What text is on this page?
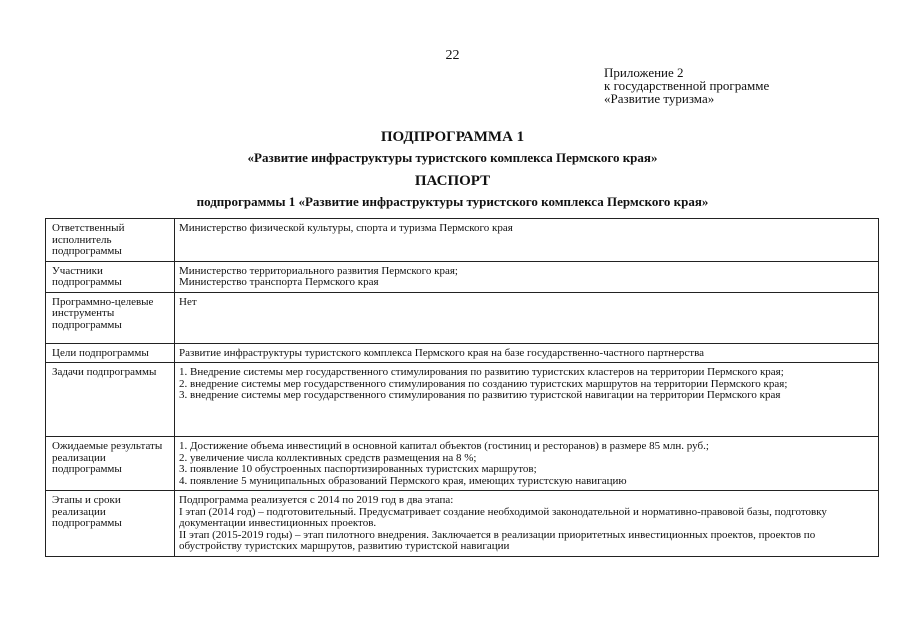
22
Приложение 2
к государственной программе
«Развитие туризма»
ПОДПРОГРАММА 1
«Развитие инфраструктуры туристского комплекса Пермского края»
ПАСПОРТ
подпрограммы 1 «Развитие инфраструктуры туристского комплекса Пермского края»
Ответственный исполнитель подпрограммы	Министерство физической культуры, спорта и туризма Пермского края
Участники подпрограммы	Министерство территориального развития Пермского края;
Министерство транспорта Пермского края

Программно-целевые инструменты подпрограммы	Нет
Цели подпрограммы	Развитие инфраструктуры туристского комплекса Пермского края на базе государственно-частного партнерства
Задачи подпрограммы	1. Внедрение системы мер государственного стимулирования по развитию туристских кластеров на территории Пермского края;
2. внедрение системы мер государственного стимулирования по созданию туристских маршрутов на территории Пермского края;
3. внедрение системы мер государственного стимулирования по развитию туристской навигации на территории Пермского края

Ожидаемые результаты реализации подпрограммы	1. Достижение объема инвестиций в основной капитал объектов (гостиниц и ресторанов) в размере 85 млн. руб.;
2. увеличение числа коллективных средств размещения на 8 %;
3. появление 10 обустроенных паспортизированных туристских маршрутов;
4. появление 5 муниципальных образований Пермского края, имеющих туристскую навигацию

Этапы и сроки реализации подпрограммы	Подпрограмма реализуется с 2014 по 2019 год в два этапа:
I этап (2014 год) – подготовительный. Предусматривает создание необходимой законодательной и нормативно-правовой базы, подготовку документации инвестиционных проектов.
II этап (2015-2019 годы) – этап пилотного внедрения. Заключается в реализации приоритетных инвестиционных проектов, проектов по обустройству туристских маршрутов, развитию туристской навигации
